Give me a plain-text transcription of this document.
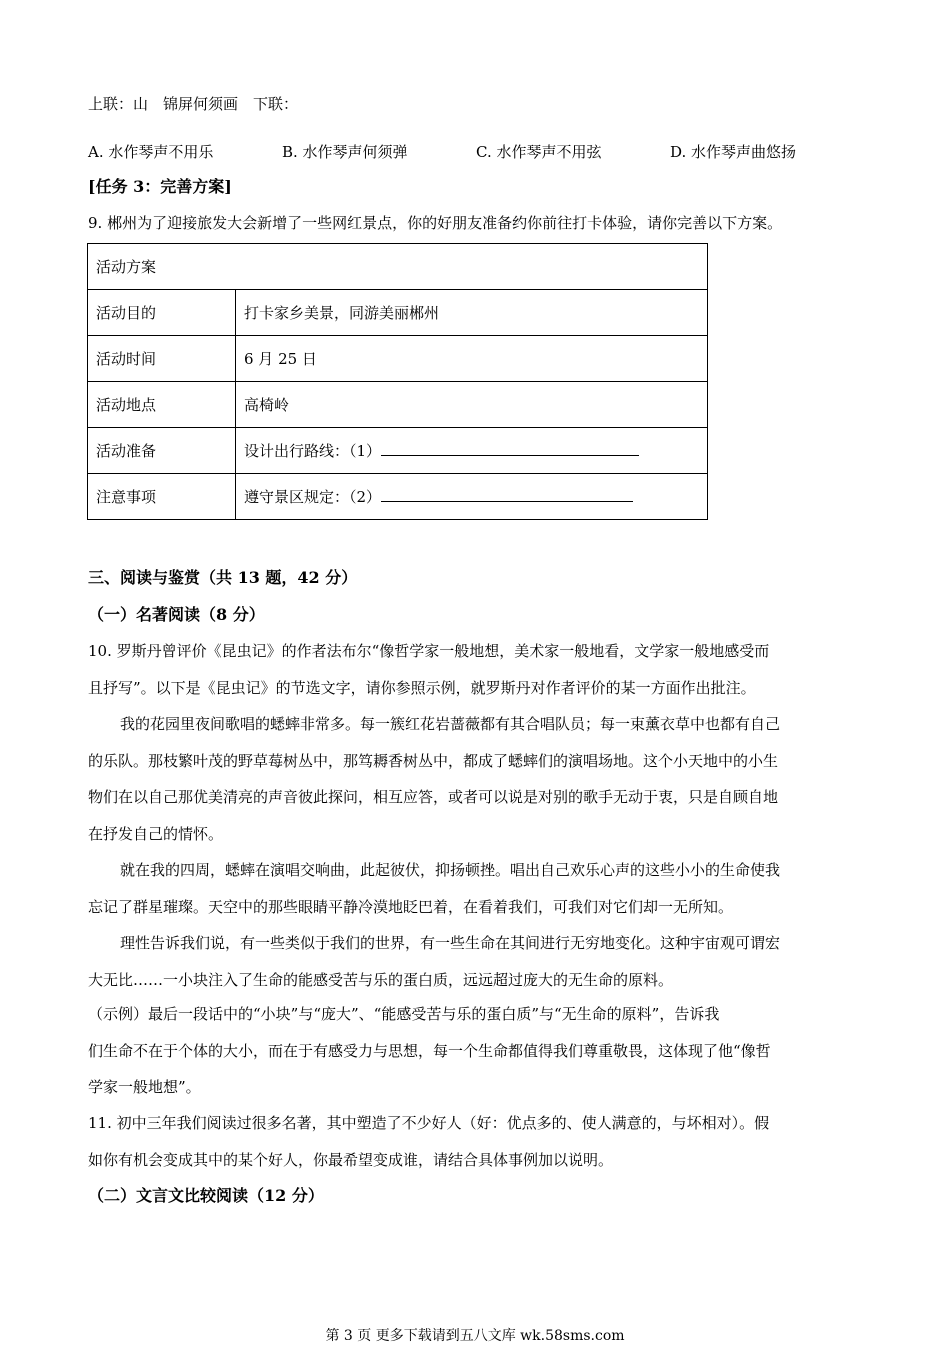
上联：山　锦屏何须画　下联：
A. 水作琴声不用乐	B. 水作琴声何须弹	C. 水作琴声不用弦	D. 水作琴声曲悠扬
[任务 3：完善方案]
9. 郴州为了迎接旅发大会新增了一些网红景点，你的好朋友准备约你前往打卡体验，请你完善以下方案。
活动方案	
活动目的	打卡家乡美景，同游美丽郴州
活动时间	6 月 25 日
活动地点	高椅岭
活动准备	设计出行路线：（1）
注意事项	遵守景区规定：（2）
三、阅读与鉴赏（共 13 题，42 分）
（一）名著阅读（8 分）
10. 罗斯丹曾评价《昆虫记》的作者法布尔“像哲学家一般地想，美术家一般地看，文学家一般地感受而
且抒写”。以下是《昆虫记》的节选文字，请你参照示例，就罗斯丹对作者评价的某一方面作出批注。
我的花园里夜间歌唱的蟋蟀非常多。每一簇红花岩蔷薇都有其合唱队员；每一束薰衣草中也都有自己
的乐队。那枝繁叶茂的野草莓树丛中，那笃耨香树丛中，都成了蟋蟀们的演唱场地。这个小天地中的小生
物们在以自己那优美清亮的声音彼此探问，相互应答，或者可以说是对别的歌手无动于衷，只是自顾自地
在抒发自己的情怀。
就在我的四周，蟋蟀在演唱交响曲，此起彼伏，抑扬顿挫。唱出自己欢乐心声的这些小小的生命使我
忘记了群星璀璨。天空中的那些眼睛平静冷漠地眨巴着，在看着我们，可我们对它们却一无所知。
理性告诉我们说，有一些类似于我们的世界，有一些生命在其间进行无穷地变化。这种宇宙观可谓宏
大无比……一小块注入了生命的能感受苦与乐的蛋白质，远远超过庞大的无生命的原料。
（示例）最后一段话中的“小块”与“庞大”、“能感受苦与乐的蛋白质”与“无生命的原料”，告诉我
们生命不在于个体的大小，而在于有感受力与思想，每一个生命都值得我们尊重敬畏，这体现了他“像哲
学家一般地想”。
11. 初中三年我们阅读过很多名著，其中塑造了不少好人（好：优点多的、使人满意的，与坏相对）。假
如你有机会变成其中的某个好人，你最希望变成谁，请结合具体事例加以说明。
（二）文言文比较阅读（12 分）
第 3 页 更多下载请到五八文库 wk.58sms.com
